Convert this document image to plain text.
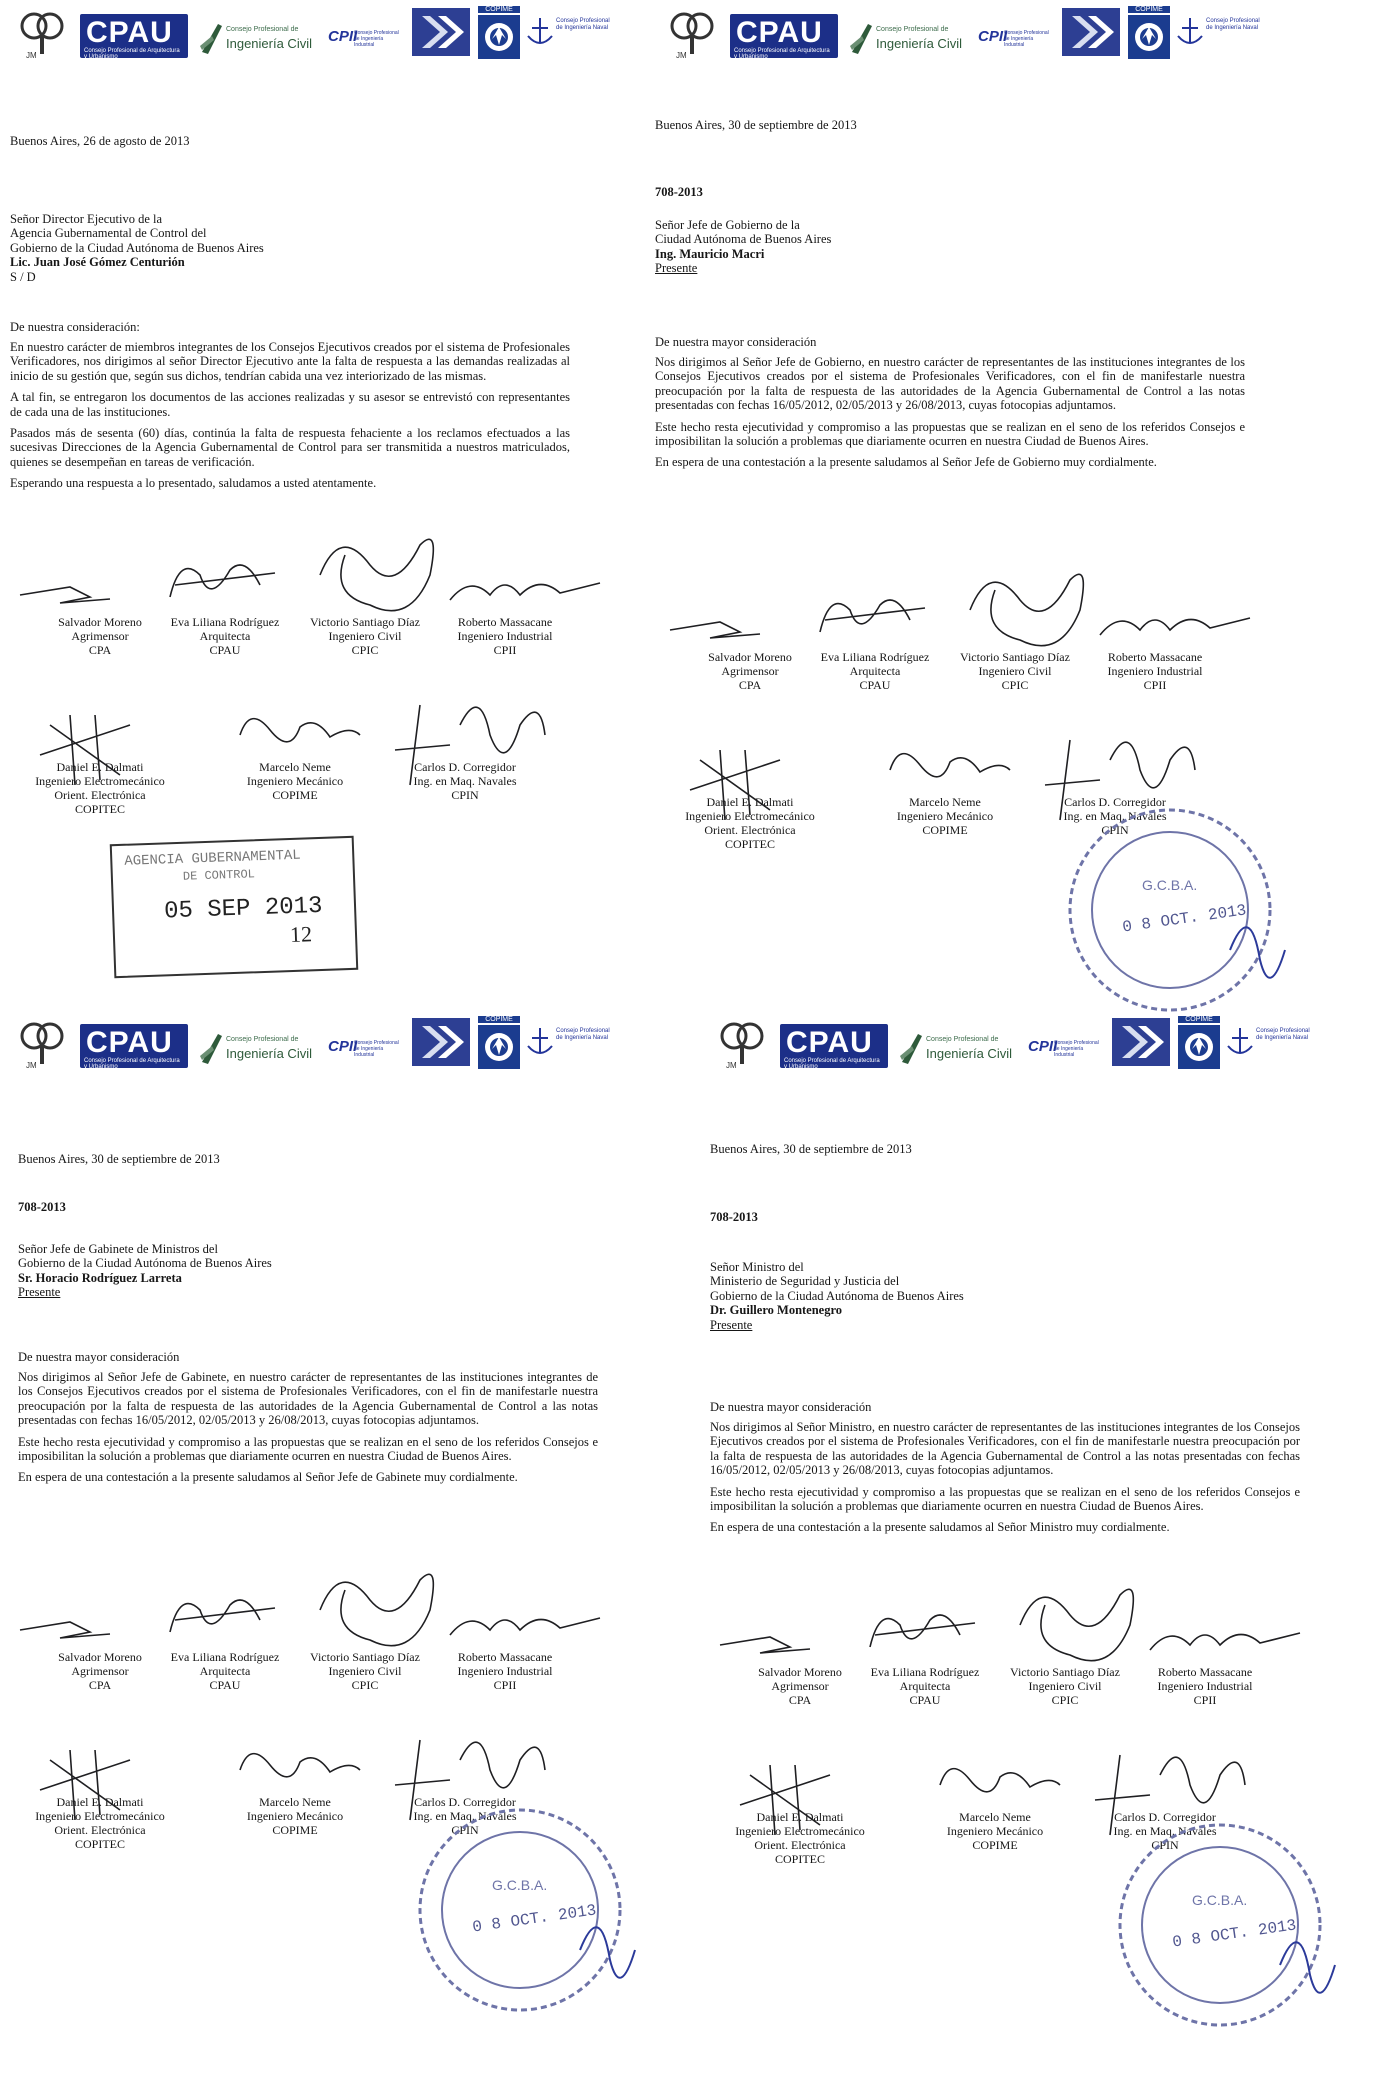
JM
CPAU
Consejo Profesional de Arquitectura y Urbanismo
Consejo Profesional de
Ingeniería Civil CPII
Consejo Profesional de Ingeniería Industrial
COPIME
Consejo Profesional de Ingeniería Naval
Buenos Aires, 26 de agosto de 2013
Señor Director Ejecutivo de la
Agencia Gubernamental de Control del
Gobierno de la Ciudad Autónoma de Buenos Aires
Lic. Juan José Gómez Centurión
S / D
De nuestra consideración:

En nuestro carácter de miembros integrantes de los Consejos Ejecutivos creados por el sistema de Profesionales Verificadores, nos dirigimos al señor Director Ejecutivo ante la falta de respuesta a las demandas realizadas al inicio de su gestión que, según sus dichos, tendrían cabida una vez interiorizado de las mismas.

A tal fin, se entregaron los documentos de las acciones realizadas y su asesor se entrevistó con representantes de cada una de las instituciones.

Pasados más de sesenta (60) días, continúa la falta de respuesta fehaciente a los reclamos efectuados a las sucesivas Direcciones de la Agencia Gubernamental de Control para ser transmitida a nuestros matriculados, quienes se desempeñan en tareas de verificación.

Esperando una respuesta a lo presentado, saludamos a usted atentamente.

Salvador Moreno
Agrimensor
CPA
Eva Liliana Rodríguez
Arquitecta
CPAU
Victorio Santiago Díaz
Ingeniero Civil
CPIC
Roberto Massacane
Ingeniero Industrial
CPII
Daniel E. Dalmati
Ingeniero Electromecánico
Orient. Electrónica
COPITEC
Marcelo Neme
Ingeniero Mecánico
COPIME
Carlos D. Corregidor
Ing. en Maq. Navales
CPIN
AGENCIA GUBERNAMENTAL
DE CONTROL
05 SEP 2013
12
JM
CPAU
Consejo Profesional de Arquitectura y Urbanismo
Consejo Profesional de
Ingeniería Civil CPII
Consejo Profesional de Ingeniería Industrial
COPIME
Consejo Profesional de Ingeniería Naval
Buenos Aires, 30 de septiembre de 2013
708-2013
Señor Jefe de Gobierno de la
Ciudad Autónoma de Buenos Aires
Ing. Mauricio Macri
Presente
De nuestra mayor consideración

Nos dirigimos al Señor Jefe de Gobierno, en nuestro carácter de representantes de las instituciones integrantes de los Consejos Ejecutivos creados por el sistema de Profesionales Verificadores, con el fin de manifestarle nuestra preocupación por la falta de respuesta de las autoridades de la Agencia Gubernamental de Control a las notas presentadas con fechas 16/05/2012, 02/05/2013 y 26/08/2013, cuyas fotocopias adjuntamos.

Este hecho resta ejecutividad y compromiso a las propuestas que se realizan en el seno de los referidos Consejos e imposibilitan la solución a problemas que diariamente ocurren en nuestra Ciudad de Buenos Aires.

En espera de una contestación a la presente saludamos al Señor Jefe de Gobierno muy cordialmente.

Salvador Moreno
Agrimensor
CPA
Eva Liliana Rodríguez
Arquitecta
CPAU
Victorio Santiago Díaz
Ingeniero Civil
CPIC
Roberto Massacane
Ingeniero Industrial
CPII
Daniel E. Dalmati
Ingeniero Electromecánico
Orient. Electrónica
COPITEC
Marcelo Neme
Ingeniero Mecánico
COPIME
Carlos D. Corregidor
Ing. en Maq. Navales
CPIN
G.C.B.A.
0 8 OCT. 2013
JM
CPAU
Consejo Profesional de Arquitectura y Urbanismo
Consejo Profesional de
Ingeniería Civil CPII
Consejo Profesional de Ingeniería Industrial
COPIME
Consejo Profesional de Ingeniería Naval
Buenos Aires, 30 de septiembre de 2013
708-2013
Señor Jefe de Gabinete de Ministros del
Gobierno de la Ciudad Autónoma de Buenos Aires
Sr. Horacio Rodríguez Larreta
Presente
De nuestra mayor consideración

Nos dirigimos al Señor Jefe de Gabinete, en nuestro carácter de representantes de las instituciones integrantes de los Consejos Ejecutivos creados por el sistema de Profesionales Verificadores, con el fin de manifestarle nuestra preocupación por la falta de respuesta de las autoridades de la Agencia Gubernamental de Control a las notas presentadas con fechas 16/05/2012, 02/05/2013 y 26/08/2013, cuyas fotocopias adjuntamos.

Este hecho resta ejecutividad y compromiso a las propuestas que se realizan en el seno de los referidos Consejos e imposibilitan la solución a problemas que diariamente ocurren en nuestra Ciudad de Buenos Aires.

En espera de una contestación a la presente saludamos al Señor Jefe de Gabinete muy cordialmente.

Salvador Moreno
Agrimensor
CPA
Eva Liliana Rodríguez
Arquitecta
CPAU
Victorio Santiago Díaz
Ingeniero Civil
CPIC
Roberto Massacane
Ingeniero Industrial
CPII
Daniel E. Dalmati
Ingeniero Electromecánico
Orient. Electrónica
COPITEC
Marcelo Neme
Ingeniero Mecánico
COPIME
Carlos D. Corregidor
Ing. en Maq. Navales
CPIN
G.C.B.A.
0 8 OCT. 2013
JM
CPAU
Consejo Profesional de Arquitectura y Urbanismo
Consejo Profesional de
Ingeniería Civil CPII
Consejo Profesional de Ingeniería Industrial
COPIME
Consejo Profesional de Ingeniería Naval
Buenos Aires, 30 de septiembre de 2013
708-2013
Señor Ministro del
Ministerio de Seguridad y Justicia del
Gobierno de la Ciudad Autónoma de Buenos Aires
Dr. Guillero Montenegro
Presente
De nuestra mayor consideración

Nos dirigimos al Señor Ministro, en nuestro carácter de representantes de las instituciones integrantes de los Consejos Ejecutivos creados por el sistema de Profesionales Verificadores, con el fin de manifestarle nuestra preocupación por la falta de respuesta de las autoridades de la Agencia Gubernamental de Control a las notas presentadas con fechas 16/05/2012, 02/05/2013 y 26/08/2013, cuyas fotocopias adjuntamos.

Este hecho resta ejecutividad y compromiso a las propuestas que se realizan en el seno de los referidos Consejos e imposibilitan la solución a problemas que diariamente ocurren en nuestra Ciudad de Buenos Aires.

En espera de una contestación a la presente saludamos al Señor Ministro muy cordialmente.

Salvador Moreno
Agrimensor
CPA
Eva Liliana Rodríguez
Arquitecta
CPAU
Victorio Santiago Díaz
Ingeniero Civil
CPIC
Roberto Massacane
Ingeniero Industrial
CPII
Daniel E. Dalmati
Ingeniero Electromecánico
Orient. Electrónica
COPITEC
Marcelo Neme
Ingeniero Mecánico
COPIME
Carlos D. Corregidor
Ing. en Maq. Navales
CPIN
G.C.B.A.
0 8 OCT. 2013
